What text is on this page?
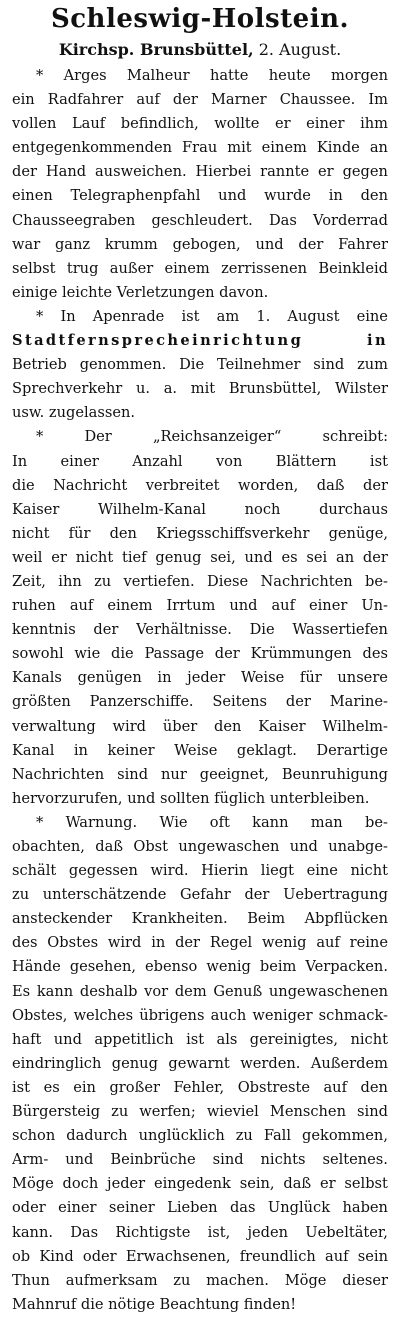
Schleswig-Holstein.
Kirchsp. Brunsbüttel, 2. August.
* Arges Malheur hatte heute morgen
ein Radfahrer auf der Marner Chaussee. Im
vollen Lauf befindlich, wollte er einer ihm
entgegenkommenden Frau mit einem Kinde an
der Hand ausweichen. Hierbei rannte er gegen
einen Telegraphenpfahl und wurde in den
Chausseegraben geschleudert. Das Vorderrad
war ganz krumm gebogen, und der Fahrer
selbst trug außer einem zerrissenen Beinkleid
einige leichte Verletzungen davon.
* In Apenrade ist am 1. August eine
Stadtfernsprecheinrichtung	in
Betrieb genommen. Die Teilnehmer sind zum
Sprechverkehr u. a. mit Brunsbüttel, Wilster
usw. zugelassen.
*	Der	„Reichsanzeiger“	schreibt:
In einer Anzahl von Blättern ist
die Nachricht verbreitet worden, daß der
Kaiser	Wilhelm-Kanal	noch	durchaus
nicht für den Kriegsschiffsverkehr genüge,
weil er nicht tief genug sei, und es sei an der
Zeit, ihn zu vertiefen. Diese Nachrichten be-
ruhen auf einem Irrtum und auf einer Un-
kenntnis der Verhältnisse. Die Wassertiefen
sowohl wie die Passage der Krümmungen des
Kanals genügen in jeder Weise für unsere
größten Panzerschiffe. Seitens der Marine-
verwaltung wird über den Kaiser Wilhelm-
Kanal in keiner Weise geklagt. Derartige
Nachrichten sind nur geeignet, Beunruhigung
hervorzurufen, und sollten füglich unterbleiben.
* Warnung. Wie oft kann man be-
obachten, daß Obst ungewaschen und unabge-
schält gegessen wird. Hierin liegt eine nicht
zu unterschätzende Gefahr der Uebertragung
ansteckender Krankheiten. Beim Abpflücken
des Obstes wird in der Regel wenig auf reine
Hände gesehen, ebenso wenig beim Verpacken.
Es kann deshalb vor dem Genuß ungewaschenen
Obstes, welches übrigens auch weniger schmack-
haft und appetitlich ist als gereinigtes, nicht
eindringlich genug gewarnt werden. Außerdem
ist es ein großer Fehler, Obstreste auf den
Bürgersteig zu werfen; wieviel Menschen sind
schon dadurch unglücklich zu Fall gekommen,
Arm- und Beinbrüche sind nichts seltenes.
Möge doch jeder eingedenk sein, daß er selbst
oder einer seiner Lieben das Unglück haben
kann. Das Richtigste ist, jeden Uebeltäter,
ob Kind oder Erwachsenen, freundlich auf sein
Thun aufmerksam zu machen. Möge dieser
Mahnruf die nötige Beachtung finden!
